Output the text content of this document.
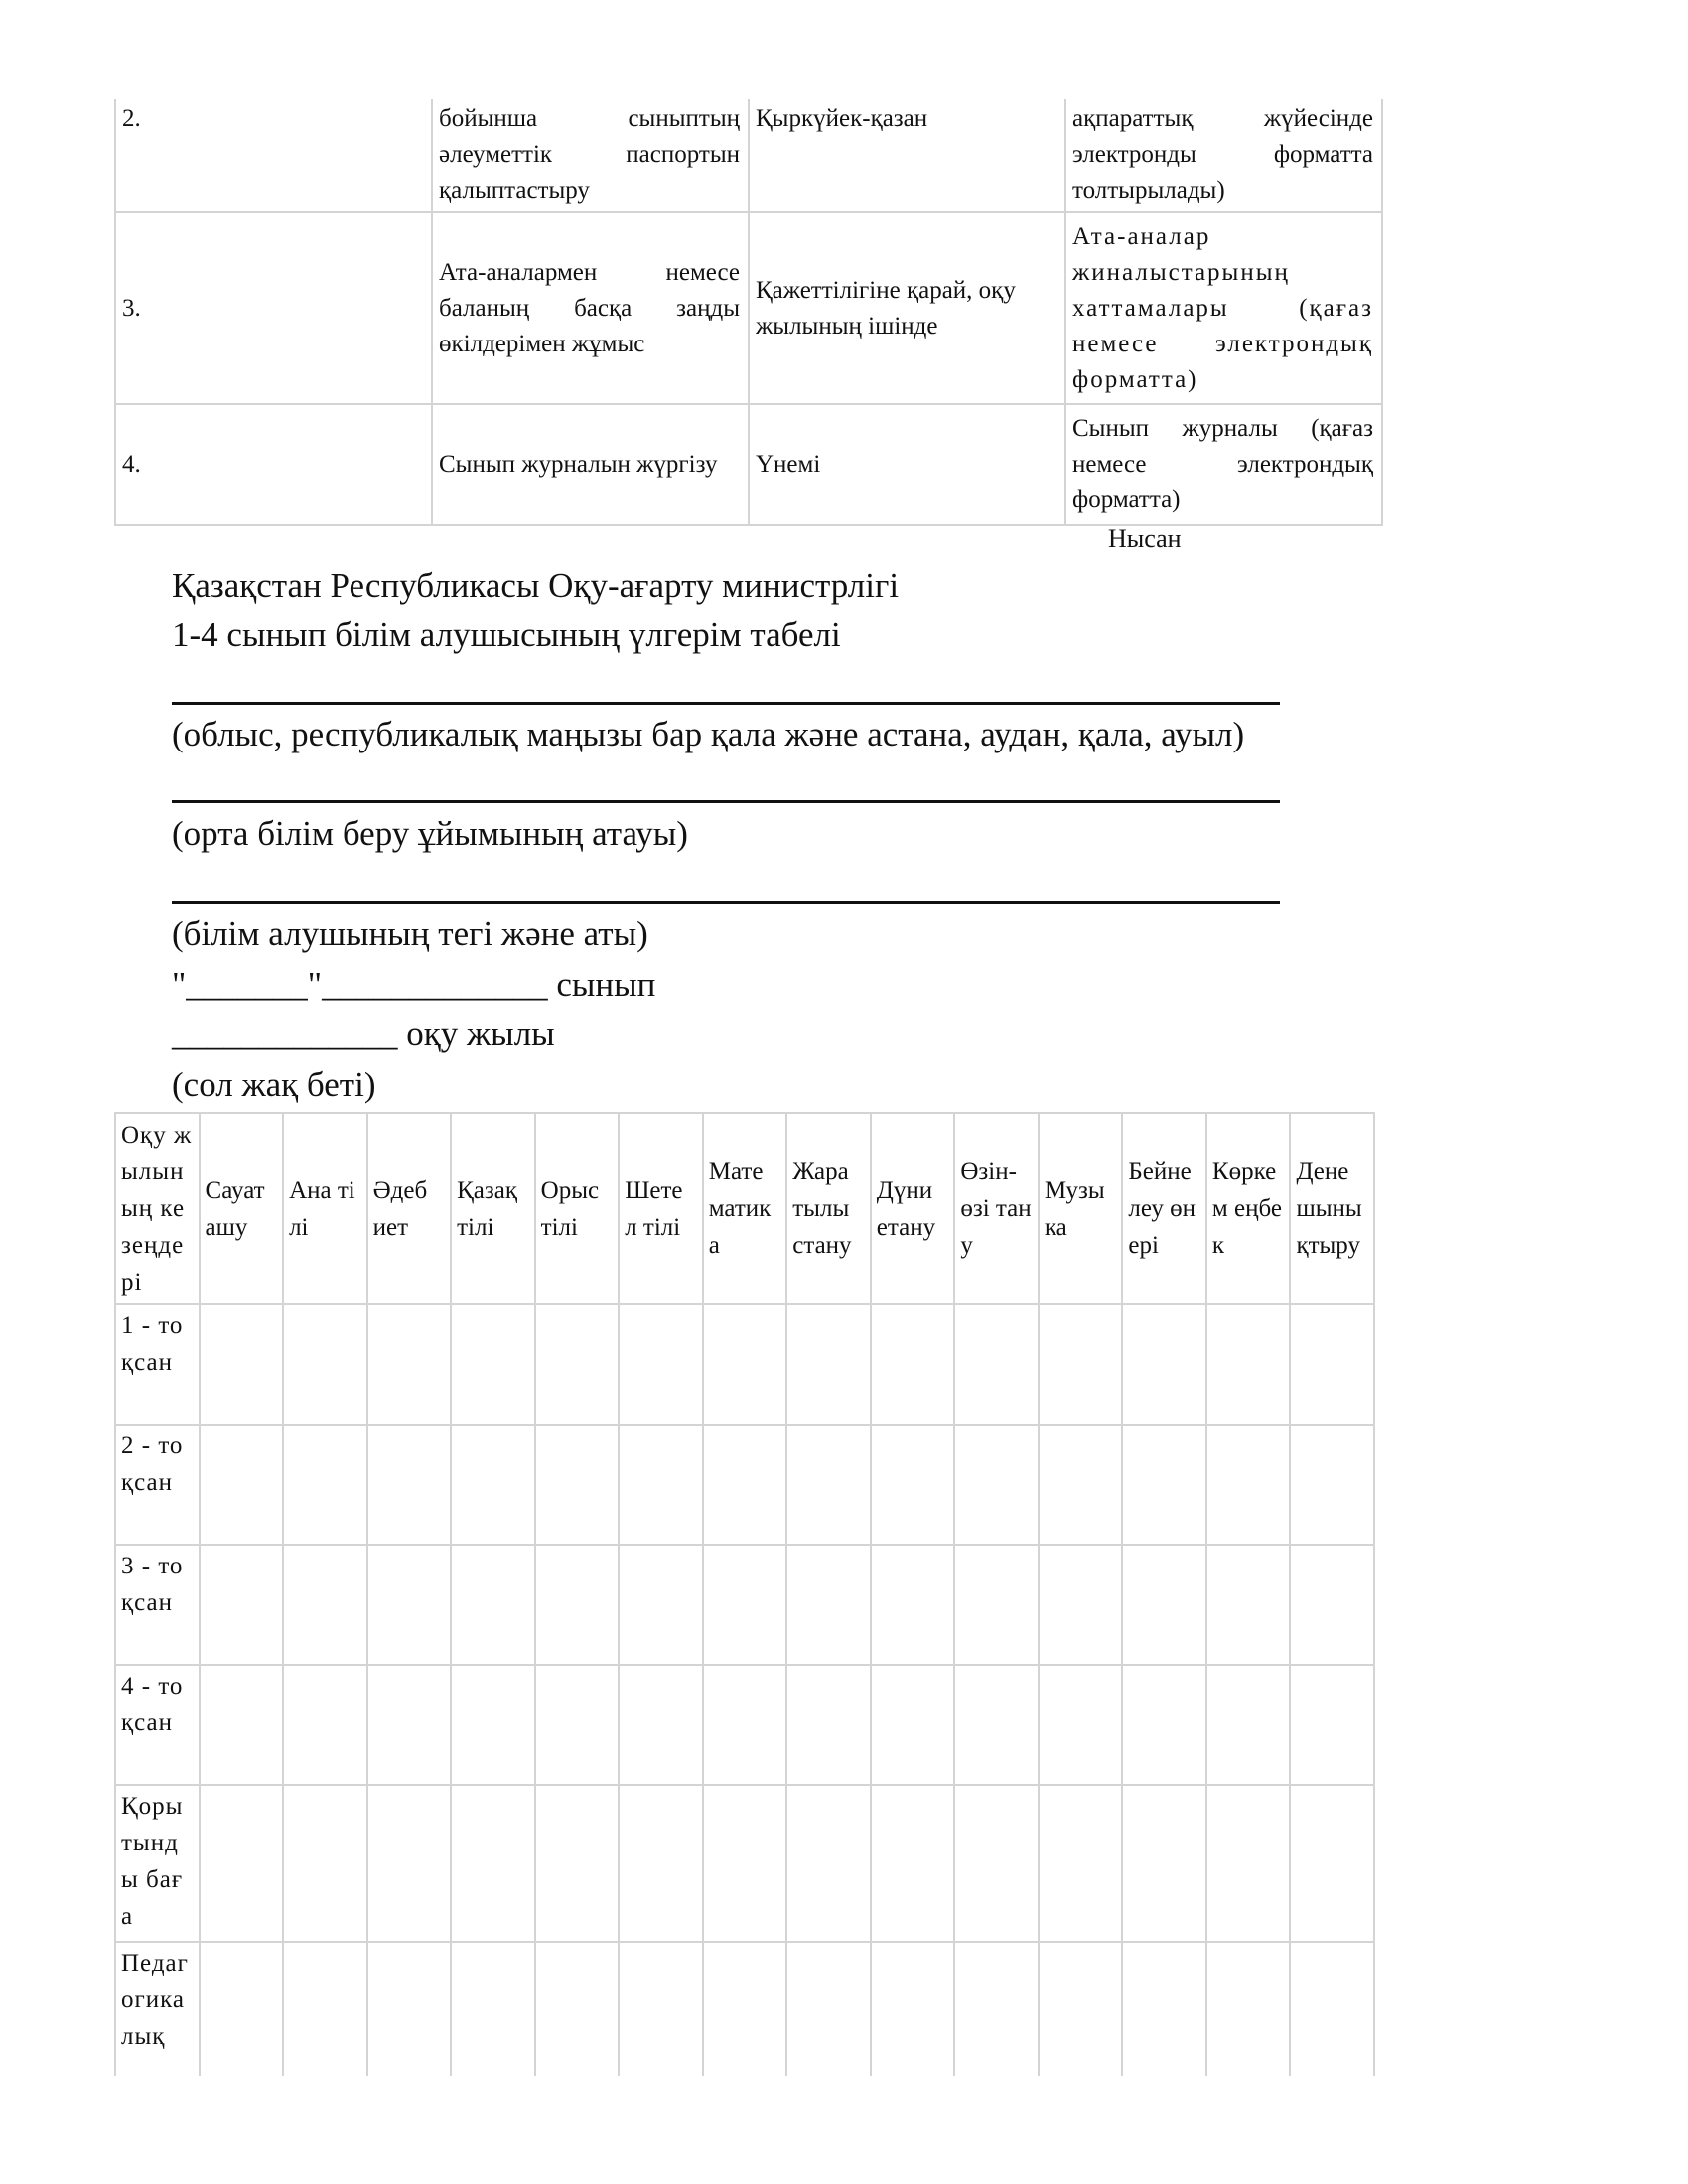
2.	бойынша сыныптың әлеуметтік паспортын қалыптастыру	Қыркүйек-қазан	ақпараттық жүйесінде электронды форматта толтырылады)
3.	Ата-аналармен немесе баланың басқа заңды өкілдерімен жұмыс	Қажеттілігіне қарай, оқу жылының ішінде	Ата-аналар жиналыстарының хаттамалары (қағаз немесе электрондық форматта)
4.	Сынып журналын жүргізу	Үнемі	Сынып журналы (қағаз немесе электрондық форматта)
Нысан
Қазақстан Республикасы Оқу-ағарту министрлігі
1-4 сынып білім алушысының үлгерім табелі
(облыс, республикалық маңызы бар қала және астана, аудан, қала, ауыл)
(орта білім беру ұйымының атауы)
(білім алушының тегі және аты)
"_______"_____________ сынып
_____________ оқу жылы
(сол жақ беті)
Оқу жылының кезеңдері	Сауат ашу	Ана тілі	Әдеб иет	Қазақ тілі	Орыс тілі	Шете л тілі	Мате матик а	Жара тылы стану	Дүни етану	Өзін- өзі тану	Музы ка	Бейне леу өнері	Көрке м еңбек	Дене шыны қтыру
1 - тоқсан														
2 - тоқсан														
3 - тоқсан														
4 - тоқсан														
Қорытынды баға														
Педагогика лық														
